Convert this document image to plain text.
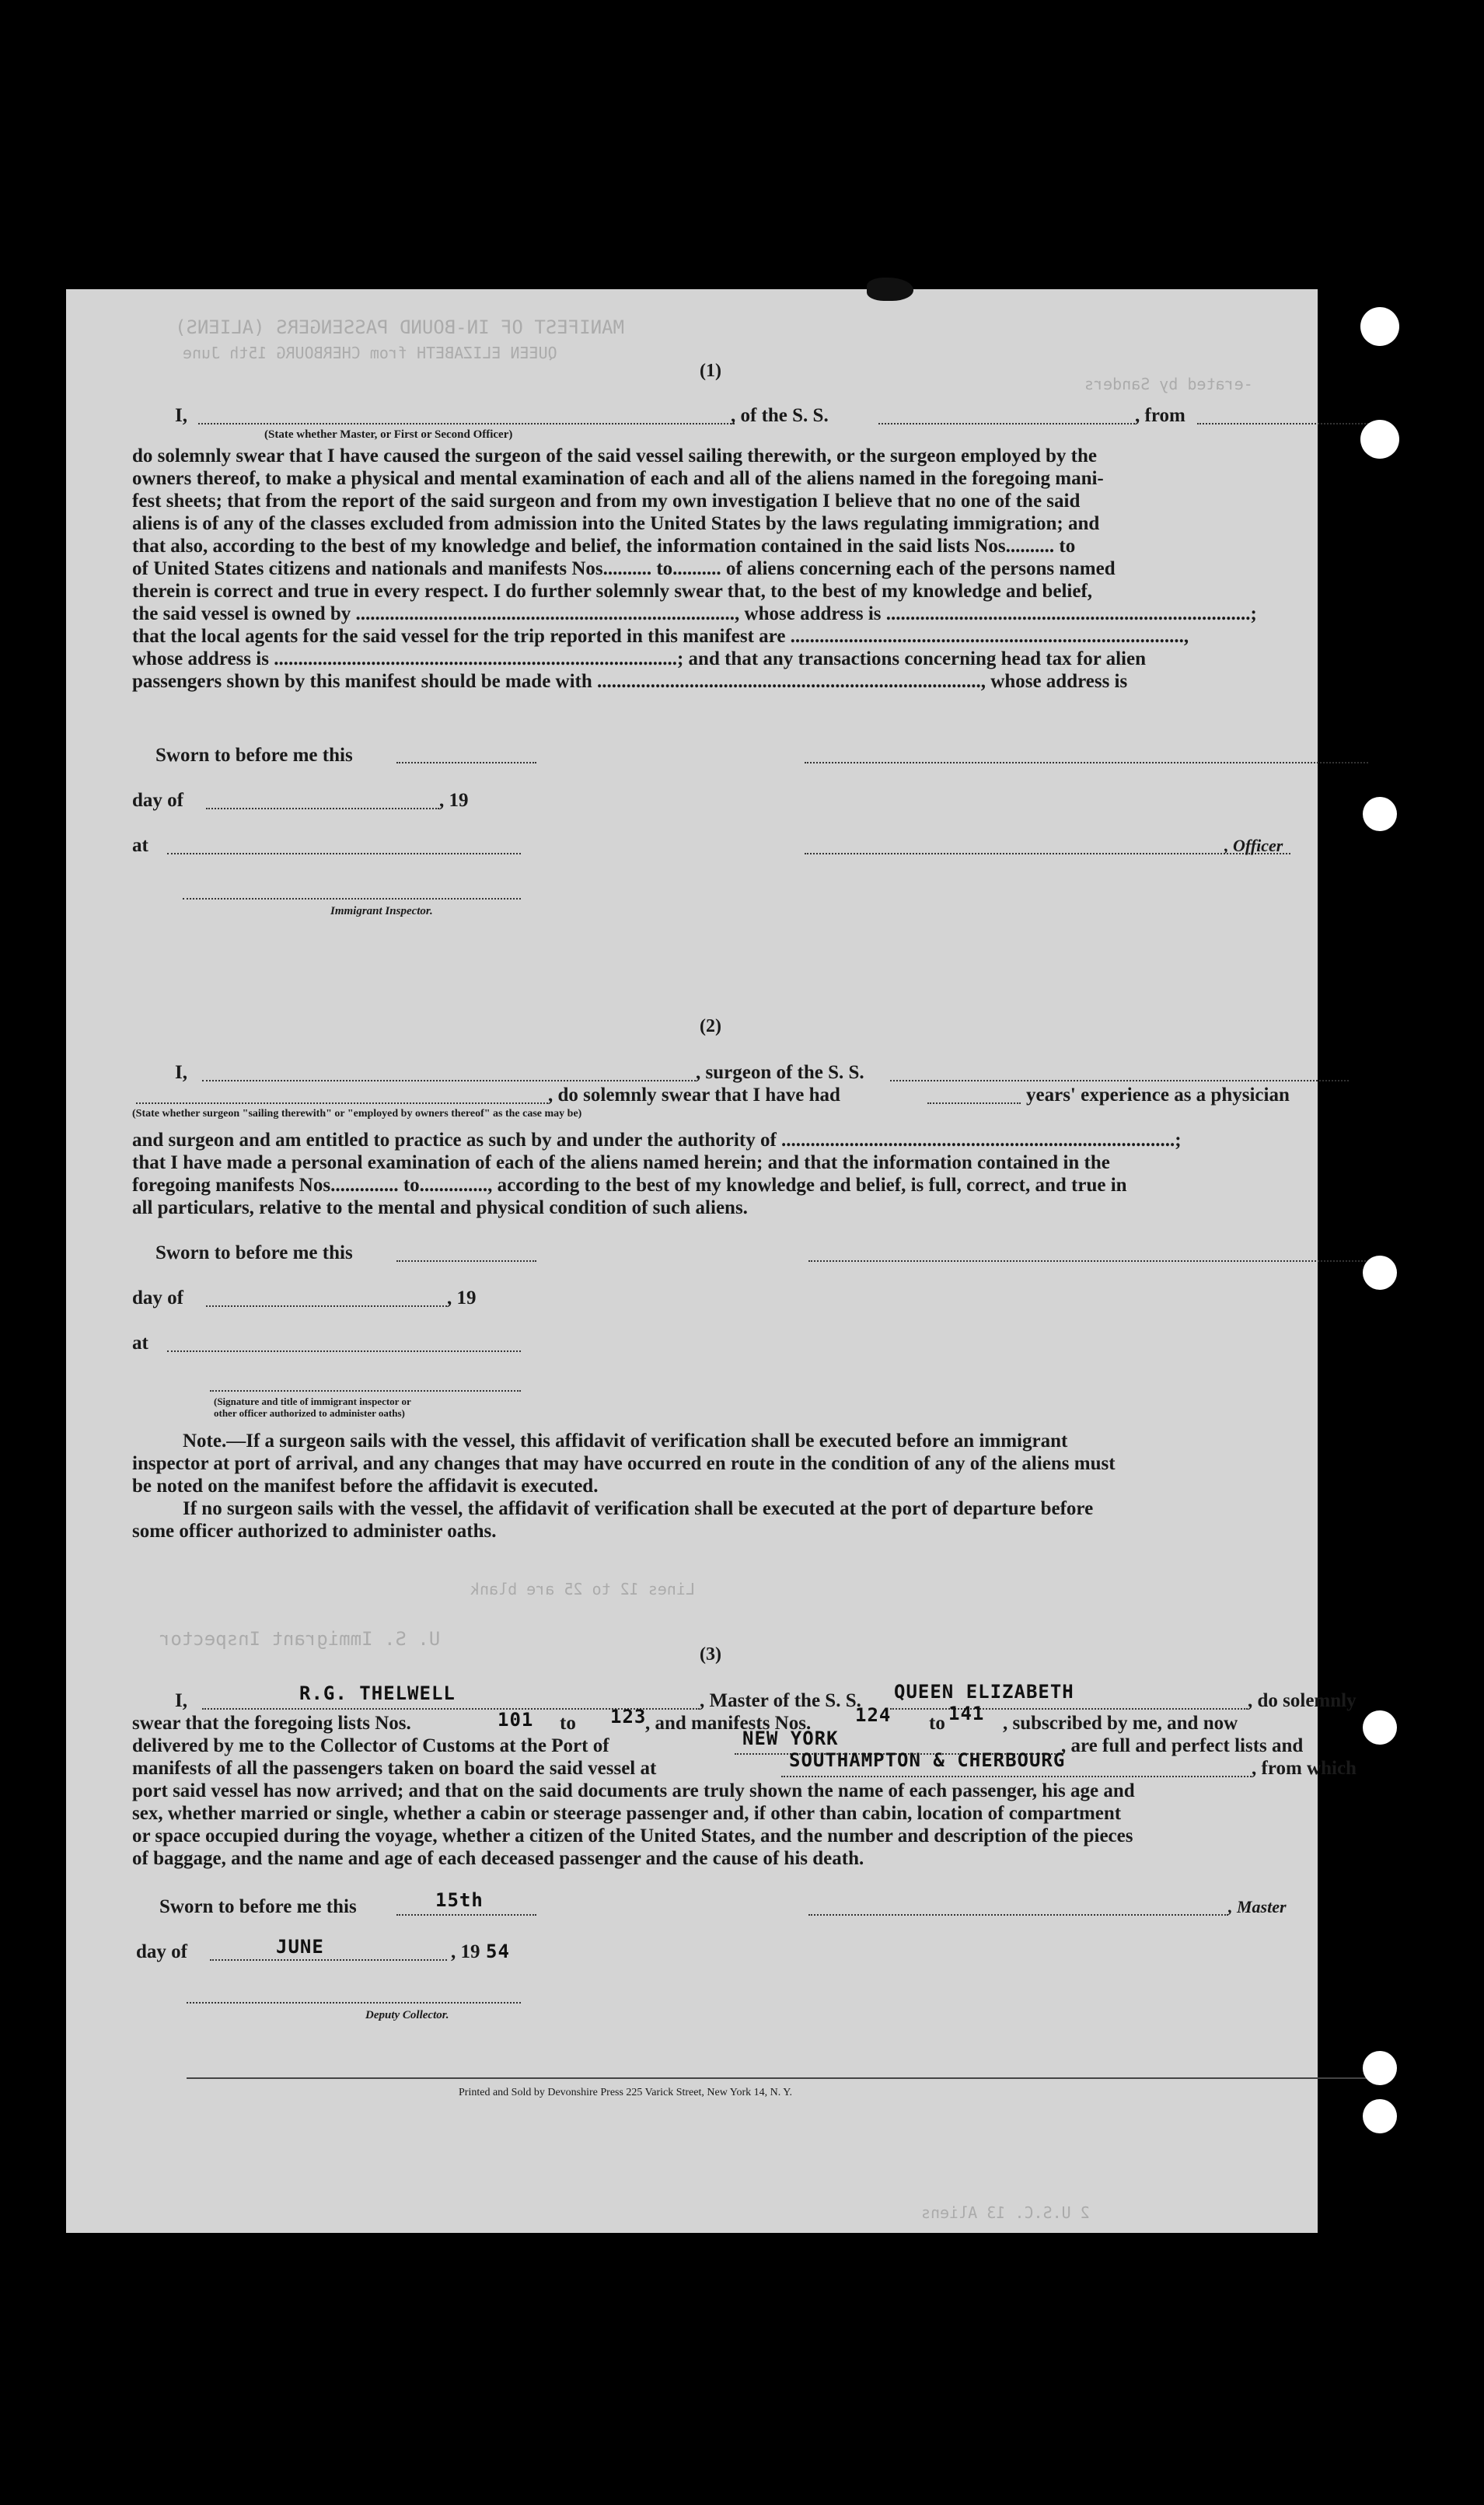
MANIFEST OF IN-BOUND PASSENGERS (ALIENS)
QUEEN ELIZABETH from CHERBOURG 15th June
-erated by Sanders
Lines 12 to 25 are blank
U. S. Immigrant Inspector
2 U.S.C. 13 Aliens
(1)
I,	, of the S. S.	, from
(State whether Master, or First or Second Officer)
do solemnly swear that I have caused the surgeon of the said vessel sailing therewith, or the surgeon employed by the
owners thereof, to make a physical and mental examination of each and all of the aliens named in the foregoing mani-
fest sheets; that from the report of the said surgeon and from my own investigation I believe that no one of the said
aliens is of any of the classes excluded from admission into the United States by the laws regulating immigration; and
that also, according to the best of my knowledge and belief, the information contained in the said lists Nos.......... to
of United States citizens and nationals and manifests Nos.......... to.......... of aliens concerning each of the persons named
therein is correct and true in every respect. I do further solemnly swear that, to the best of my knowledge and belief,
the said vessel is owned by .............................................................................., whose address is ...........................................................................;
that the local agents for the said vessel for the trip reported in this manifest are .................................................................................,
whose address is ...................................................................................; and that any transactions concerning head tax for alien
passengers shown by this manifest should be made with ..............................................................................., whose address is
Sworn to before me this
day of	, 19
at	, Officer
Immigrant Inspector.
(2)
I,	, surgeon of the S. S.
, do solemnly swear that I have had	years' experience as a physician
(State whether surgeon "sailing therewith" or "employed by owners thereof" as the case may be)
and surgeon and am entitled to practice as such by and under the authority of .................................................................................;
that I have made a personal examination of each of the aliens named herein; and that the information contained in the
foregoing manifests Nos.............. to.............., according to the best of my knowledge and belief, is full, correct, and true in
all particulars, relative to the mental and physical condition of such aliens.
Sworn to before me this
day of	, 19
at
(Signature and title of immigrant inspector or
other officer authorized to administer oaths)
Note.—If a surgeon sails with the vessel, this affidavit of verification shall be executed before an immigrant
inspector at port of arrival, and any changes that may have occurred en route in the condition of any of the aliens must
be noted on the manifest before the affidavit is executed.
If no surgeon sails with the vessel, the affidavit of verification shall be executed at the port of departure before
some officer authorized to administer oaths.
(3)
I,	R.G. THELWELL	, Master of the S. S. QUEEN ELIZABETH	, do solemnly
swear that the foregoing lists Nos.	101 to 123
, and manifests Nos. 124 to 141 , subscribed by me, and now
delivered by me to the Collector of Customs at the Port of	NEW YORK	, are full and perfect lists and
manifests of all the passengers taken on board the said vessel at	SOUTHAMPTON & CHERBOURG	, from which
port said vessel has now arrived; and that on the said documents are truly shown the name of each passenger, his age and
sex, whether married or single, whether a cabin or steerage passenger and, if other than cabin, location of compartment
or space occupied during the voyage, whether a citizen of the United States, and the number and description of the pieces
of baggage, and the name and age of each deceased passenger and the cause of his death.
Sworn to before me this	15th	, Master
day of	JUNE	, 19 54
Deputy Collector.
Printed and Sold by Devonshire Press 225 Varick Street, New York 14, N. Y.
